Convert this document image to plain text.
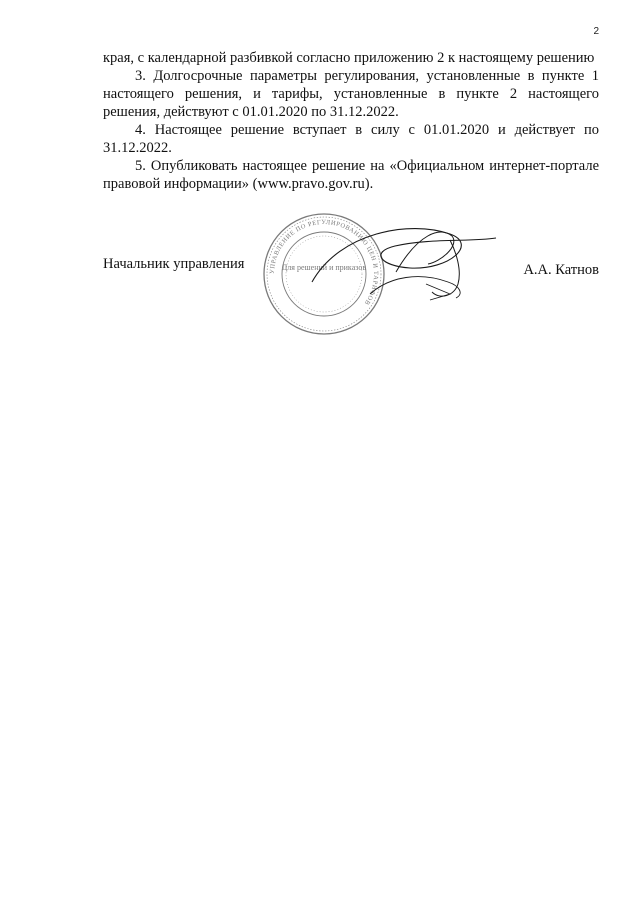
2

края, с календарной разбивкой согласно приложению 2 к настоящему решению

3. Долгосрочные параметры регулирования, установленные в пункте 1 настоящего решения, и тарифы, установленные в пункте 2 настоящего решения, действуют с 01.01.2020 по 31.12.2022.

4. Настоящее решение вступает в силу с 01.01.2020 и действует по 31.12.2022.

5. Опубликовать настоящее решение на «Официальном интернет-портале правовой информации» (www.pravo.gov.ru).

Начальник управления	А.А. Катнов
УПРАВЛЕНИЕ ПО РЕГУЛИРОВАНИЮ ЦЕН И ТАРИФОВ
Для решений и приказов
